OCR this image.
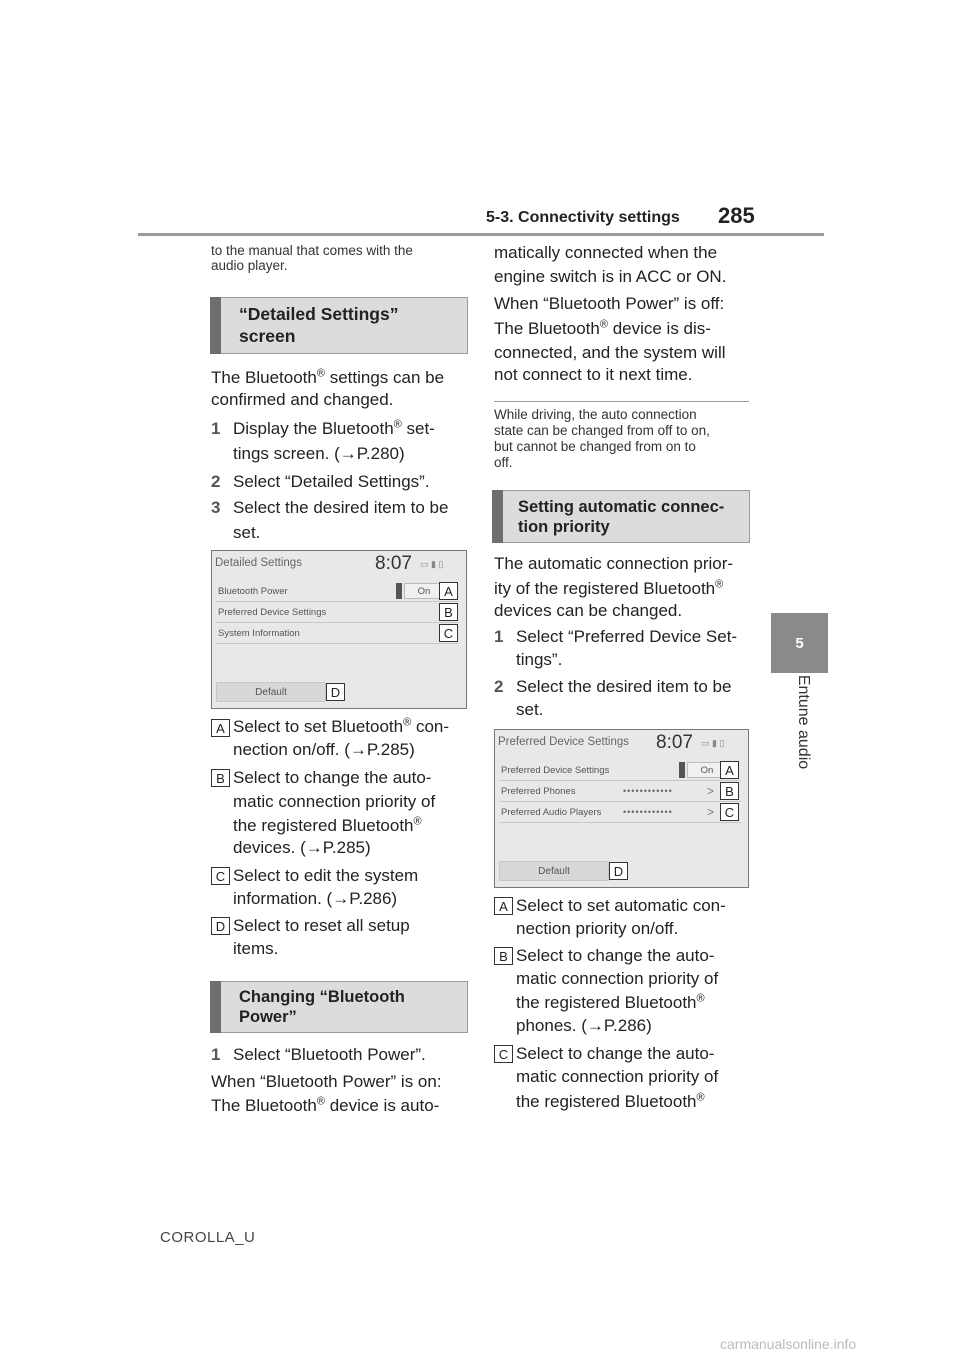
5-3. Connectivity settings 285
5
Entune audio
to the manual that comes with the
audio player.
“Detailed Settings”
screen
The Bluetooth® settings can be
confirmed and changed.
1 Display the Bluetooth® set-
tings screen. (→P.280)
2 Select “Detailed Settings”.
3 Select the desired item to be
set.
Detailed Settings	8:07 ▭ ▮ ▯
Bluetooth Power	On
Preferred Device Settings
System Information
Default
A
B
C
D
A Select to set Bluetooth® con-
nection on/off. (→P.285)
B Select to change the auto-
matic connection priority of
the registered Bluetooth®
devices. (→P.285)
C Select to edit the system
information. (→P.286)
D Select to reset all setup
items.
Changing “Bluetooth
Power”
1 Select “Bluetooth Power”.
When “Bluetooth Power” is on:
The Bluetooth® device is auto-
matically connected when the
engine switch is in ACC or ON.
When “Bluetooth Power” is off:
The Bluetooth® device is dis-
connected, and the system will
not connect to it next time.
While driving, the auto connection
state can be changed from off to on,
but cannot be changed from on to
off.
Setting automatic connec-
tion priority
The automatic connection prior-
ity of the registered Bluetooth®
devices can be changed.
1 Select “Preferred Device Set-
tings”.
2 Select the desired item to be
set.
Preferred Device Settings 8:07 ▭ ▮ ▯
Preferred Device Settings	On
Preferred Phones	••••••••••••	>
Preferred Audio Players ••••••••••••	>
Default
A
B
C
D
A Select to set automatic con-
nection priority on/off.
B Select to change the auto-
matic connection priority of
the registered Bluetooth®
phones. (→P.286)
C Select to change the auto-
matic connection priority of
the registered Bluetooth®
COROLLA_U
carmanualsonline.info
